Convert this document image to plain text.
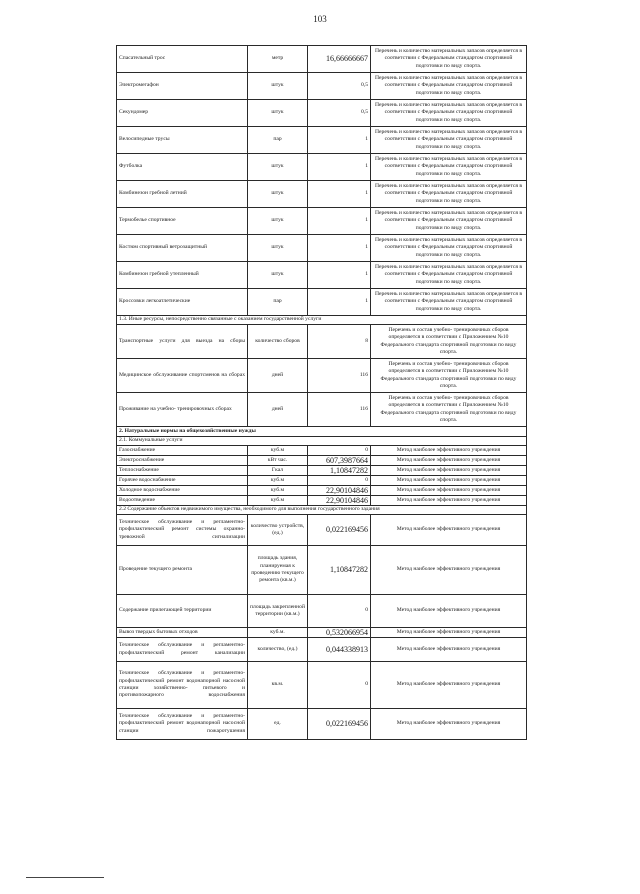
103
Спасательный трос	метр	16,66666667	Перечень и количество материальных запасов определяется в соответствии с Федеральным стандартом спортивной подготовки по виду спорта.
Электромегафон	штук	0,5	Перечень и количество материальных запасов определяется в соответствии с Федеральным стандартом спортивной подготовки по виду спорта.
Секундомер	штук	0,5	Перечень и количество материальных запасов определяется в соответствии с Федеральным стандартом спортивной подготовки по виду спорта.
Велосипедные трусы	пар	1	Перечень и количество материальных запасов определяется в соответствии с Федеральным стандартом спортивной подготовки по виду спорта.
Футболка	штук	1	Перечень и количество материальных запасов определяется в соответствии с Федеральным стандартом спортивной подготовки по виду спорта.
Комбинезон гребной летний	штук	1	Перечень и количество материальных запасов определяется в соответствии с Федеральным стандартом спортивной подготовки по виду спорта.
Термобелье спортивное	штук	1	Перечень и количество материальных запасов определяется в соответствии с Федеральным стандартом спортивной подготовки по виду спорта.
Костюм спортивный ветрозащитный	штук	1	Перечень и количество материальных запасов определяется в соответствии с Федеральным стандартом спортивной подготовки по виду спорта.
Комбинезон гребной утепленный	штук	1	Перечень и количество материальных запасов определяется в соответствии с Федеральным стандартом спортивной подготовки по виду спорта.
Кроссовки легкоатлетические	пар	1	Перечень и количество материальных запасов определяется в соответствии с Федеральным стандартом спортивной подготовки по виду спорта.
1.3. Иные ресурсы, непосредственно связанные с оказанием государственной услуги			
Транспортные услуги для выезда на сборы	количество сборов	8	Перечень и состав учебно- тренировочных сборов определяется в соответствии с Приложением №10 Федерального стандарта спортивной подготовки по виду спорта.
Медицинское обслуживание спортсменов на сборах	дней	116	Перечень и состав учебно- тренировочных сборов определяется в соответствии с Приложением №10 Федерального стандарта спортивной подготовки по виду спорта.
Проживание на учебно- тренировочных сборах	дней	116	Перечень и состав учебно- тренировочных сборов определяется в соответствии с Приложением №10 Федерального стандарта спортивной подготовки по виду спорта.
2. Натуральные нормы на общехозяйственные нужды			
2.1. Коммунальные услуги			
Газоснабжение	куб.м	0	Метод наиболее эффективного учреждения
Электроснабжение	кВт час.	607,3987664	Метод наиболее эффективного учреждения
Теплоснабжение	Гкал	1,10847282	Метод наиболее эффективного учреждения
Горячее водоснабжение	куб.м	0	Метод наиболее эффективного учреждения
Холодное водоснабжение	куб.м	22,90104846	Метод наиболее эффективного учреждения
Водоотведение	куб.м	22,90104846	Метод наиболее эффективного учреждения
2.2 Содержание объектов недвижимого имущества, необходимого для выполнения государственного задания			
Техническое обслуживание и регламентно- профилактический ремонт системы охранно- тревожной сигнализации	количество устройств, (ед.)	0,022169456	Метод наиболее эффективного учреждения
Проведение текущего ремонта	площадь здания, планируемая к проведению текущего ремонта (кв.м.)	1,10847282	Метод наиболее эффективного учреждения
Содержание прилегающей территории	площадь закрепленной территории (кв.м.)	0	Метод наиболее эффективного учреждения
Вывоз твердых бытовых отходов	куб.м.	0,532066954	Метод наиболее эффективного учреждения
Техническое обслуживание и регламентно- профилактический ремонт канализации	количество, (ед.)	0,044338913	Метод наиболее эффективного учреждения
Техническое обслуживание и регламентно- профилактический ремонт водонапорной насосной станции хозяйственно- питьевого и противопожарного водоснабжения	кв.м.	0	Метод наиболее эффективного учреждения
Техническое обслуживание и регламентно- профилактический ремонт водонапорной насосной станции пожаротушения	ед.	0,022169456	Метод наиболее эффективного учреждения
